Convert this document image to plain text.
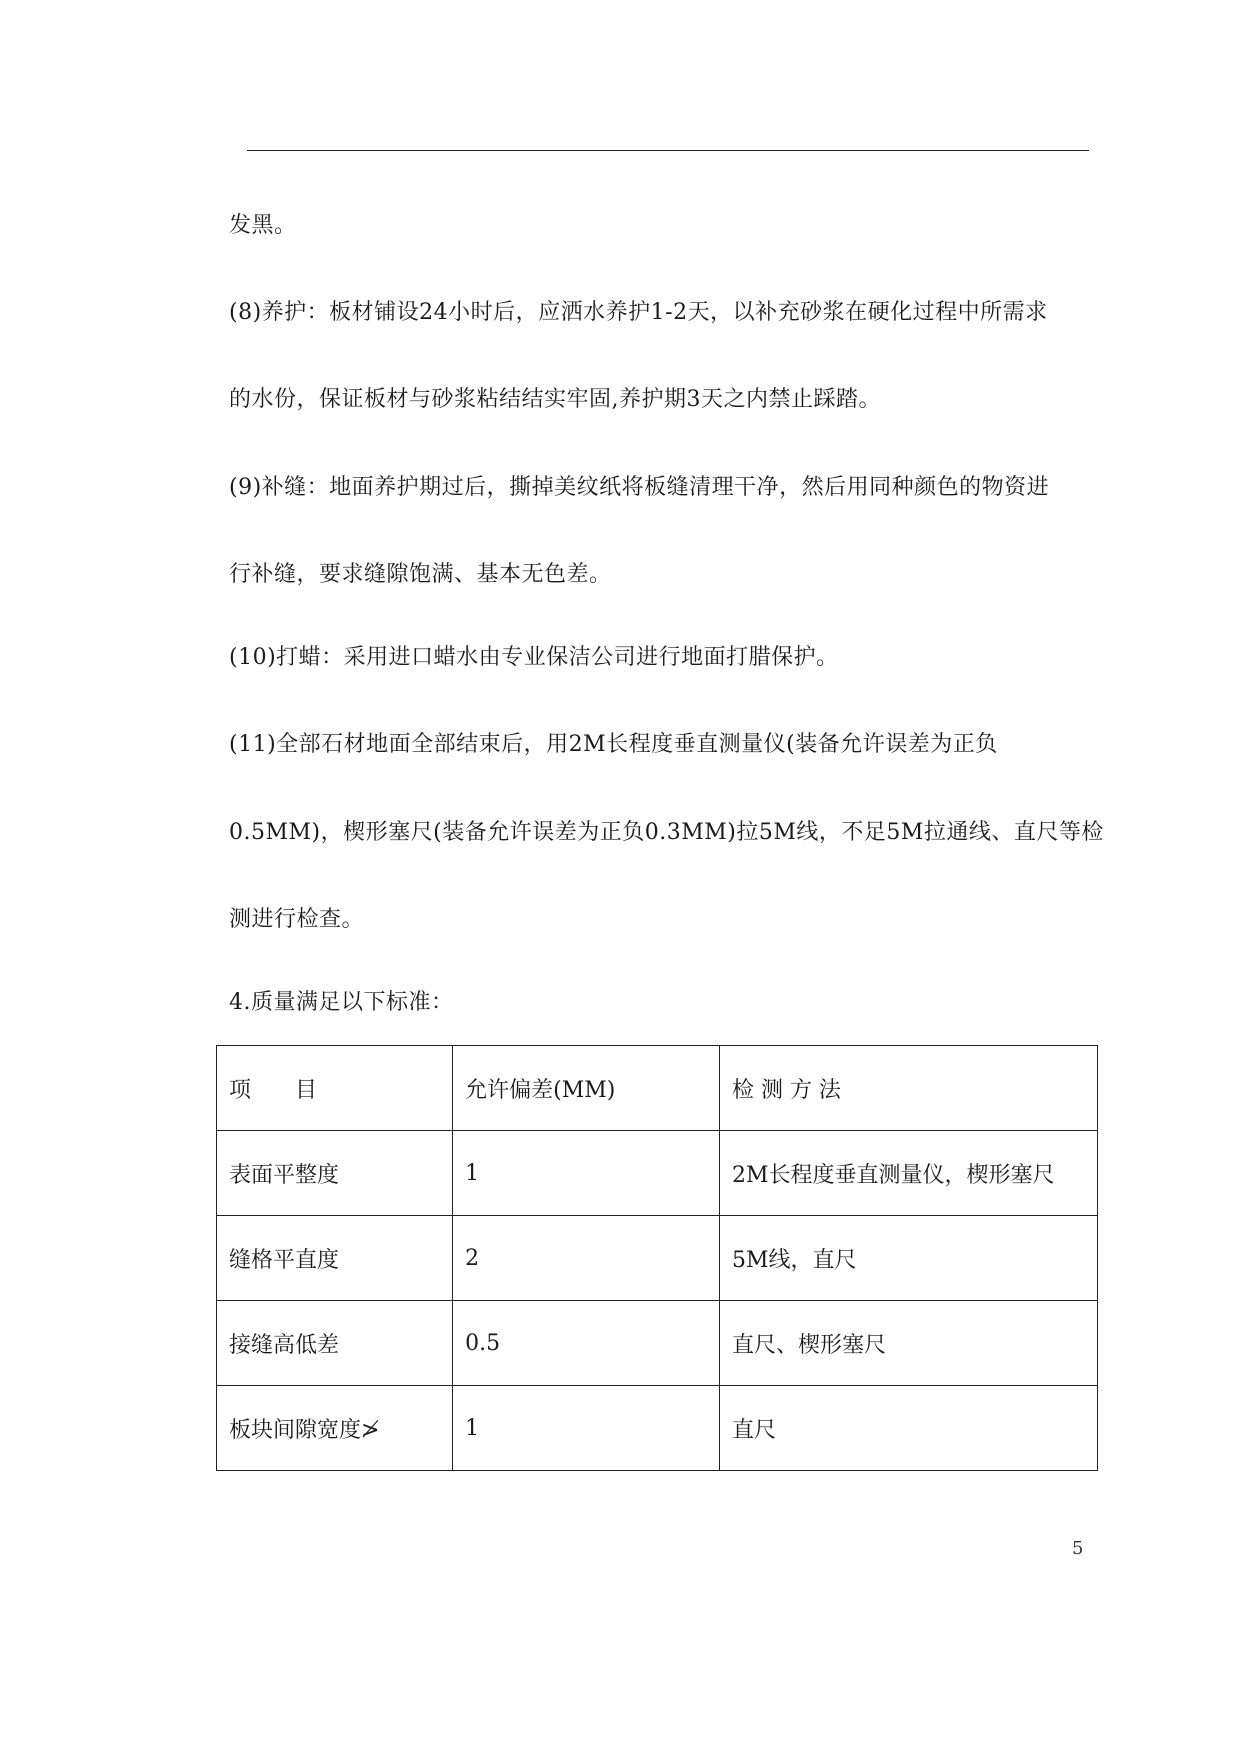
发黑。
(8)养护：板材铺设24小时后，应洒水养护1-2天，以补充砂浆在硬化过程中所需求
的水份，保证板材与砂浆粘结结实牢固,养护期3天之内禁止踩踏。
(9)补缝：地面养护期过后，撕掉美纹纸将板缝清理干净，然后用同种颜色的物资进
行补缝，要求缝隙饱满、基本无色差。
(10)打蜡：采用进口蜡水由专业保洁公司进行地面打腊保护。
(11)全部石材地面全部结束后，用2M长程度垂直测量仪(装备允许误差为正负
0.5MM)，楔形塞尺(装备允许误差为正负0.3MM)拉5M线，不足5M拉通线、直尺等检
测进行检查。
4.质量满足以下标准：
项　　目	允许偏差(MM)	检 测 方 法
表面平整度	1	2M长程度垂直测量仪，楔形塞尺
缝格平直度	2	5M线，直尺
接缝高低差	0.5	直尺、楔形塞尺
板块间隙宽度≯	1	直尺
5
